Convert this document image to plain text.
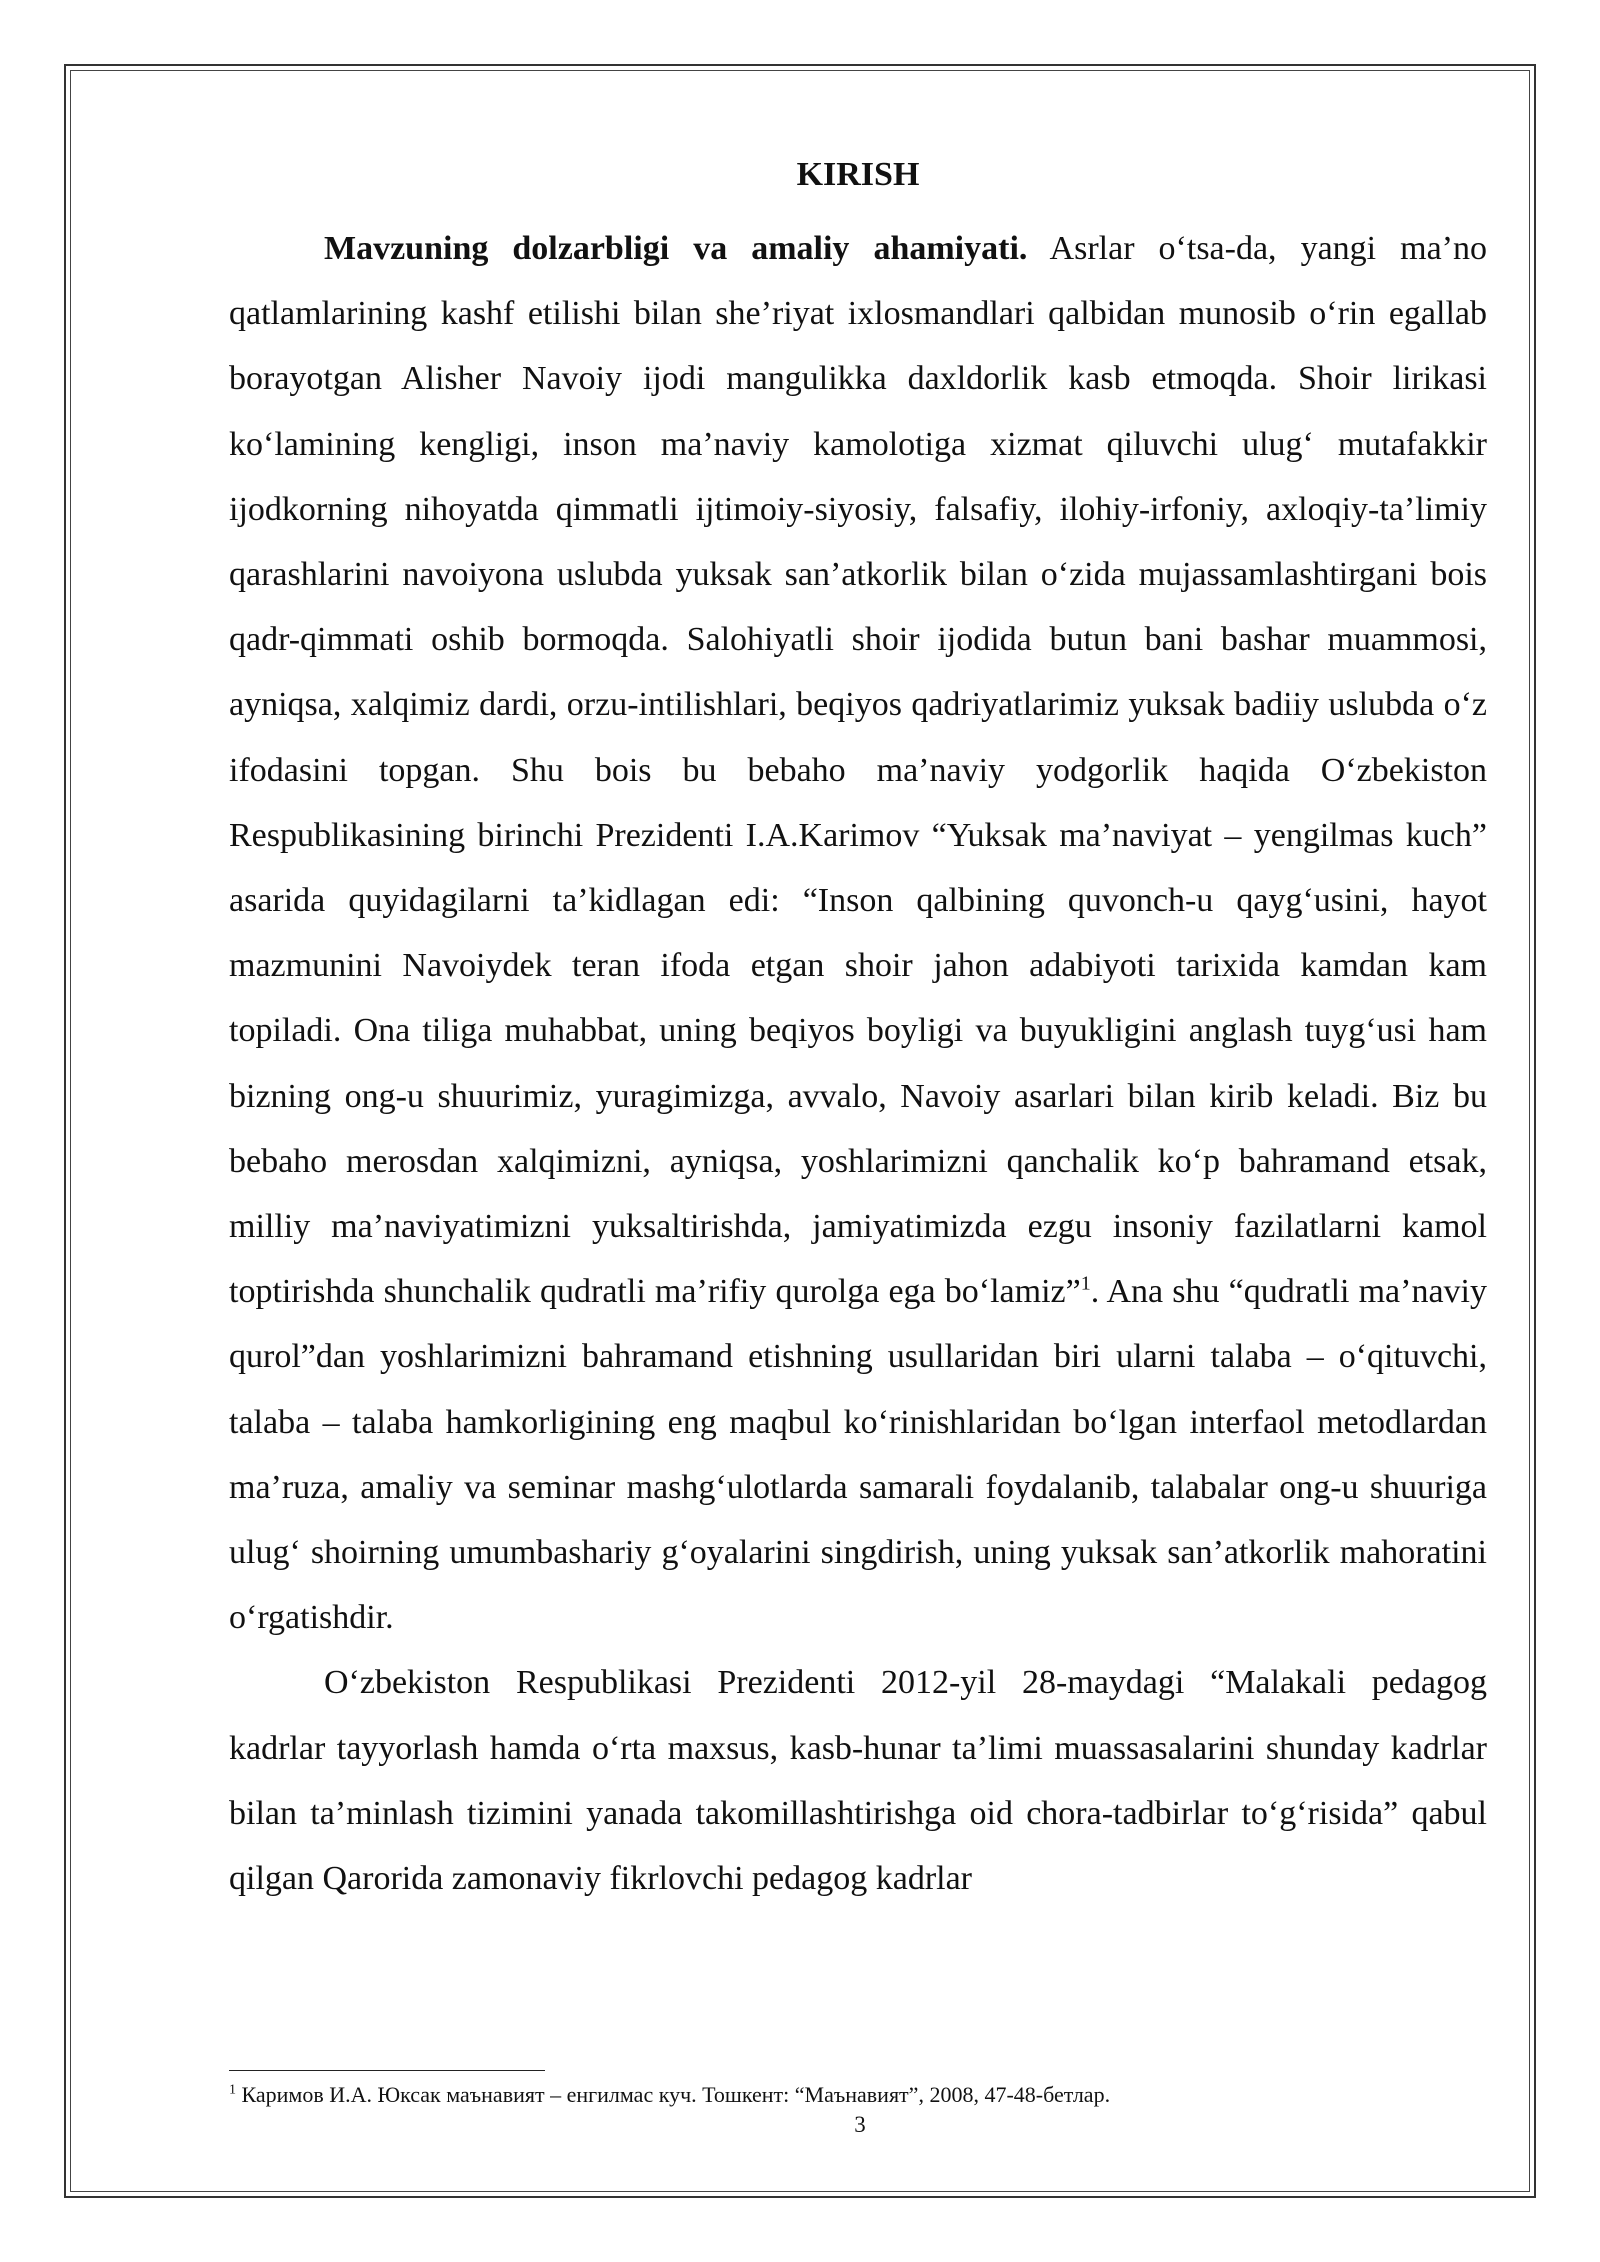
KIRISH

Mavzuning dolzarbligi va amaliy ahamiyati. Asrlar o‘tsa-da, yangi ma’no qatlamlarining kashf etilishi bilan she’riyat ixlosmandlari qalbidan munosib o‘rin egallab borayotgan Alisher Navoiy ijodi mangulikka daxldorlik kasb etmoqda. Shoir lirikasi ko‘lamining kengligi, inson ma’naviy kamolotiga xizmat qiluvchi ulug‘ mutafakkir ijodkorning nihoyatda qimmatli ijtimoiy-siyosiy, falsafiy, ilohiy-irfoniy, axloqiy-ta’limiy qarashlarini navoiyona uslubda yuksak san’atkorlik bilan o‘zida mujassamlashtirgani bois qadr-qimmati oshib bormoqda. Salohiyatli shoir ijodida butun bani bashar muammosi, ayniqsa, xalqimiz dardi, orzu-intilishlari, beqiyos qadriyatlarimiz yuksak badiiy uslubda o‘z ifodasini topgan. Shu bois bu bebaho ma’naviy yodgorlik haqida O‘zbekiston Respublikasining birinchi Prezidenti I.A.Karimov “Yuksak ma’naviyat – yengilmas kuch” asarida quyidagilarni ta’kidlagan edi: “Inson qalbining quvonch-u qayg‘usini, hayot mazmunini Navoiydek teran ifoda etgan shoir jahon adabiyoti tarixida kamdan kam topiladi. Ona tiliga muhabbat, uning beqiyos boyligi va buyukligini anglash tuyg‘usi ham bizning ong-u shuurimiz, yuragimizga, avvalo, Navoiy asarlari bilan kirib keladi. Biz bu bebaho merosdan xalqimizni, ayniqsa, yoshlarimizni qanchalik ko‘p bahramand etsak, milliy ma’naviyatimizni yuksaltirishda, jamiyatimizda ezgu insoniy fazilatlarni kamol toptirishda shunchalik qudratli ma’rifiy qurolga ega bo‘lamiz”$^1$. Ana shu “qudratli ma’naviy qurol”dan yoshlarimizni bahramand etishning usullaridan biri ularni talaba – o‘qituvchi, talaba – talaba hamkorligining eng maqbul ko‘rinishlaridan bo‘lgan interfaol metodlardan ma’ruza, amaliy va seminar mashg‘ulotlarda samarali foydalanib, talabalar ong-u shuuriga ulug‘ shoirning umumbashariy g‘oyalarini singdirish, uning yuksak san’atkorlik mahoratini o‘rgatishdir.

O‘zbekiston Respublikasi Prezidenti 2012-yil 28-maydagi “Malakali pedagog kadrlar tayyorlash hamda o‘rta maxsus, kasb-hunar ta’limi muassasalarini shunday kadrlar bilan ta’minlash tizimini yanada takomillashtirishga oid chora-tadbirlar to‘g‘risida” qabul qilgan Qarorida zamonaviy fikrlovchi pedagog kadrlar

$^1$ Каримов И.А. Юксак маънавият – енгилмас куч. Тошкент: “Маънавият”, 2008, 47-48-бетлар.
3
